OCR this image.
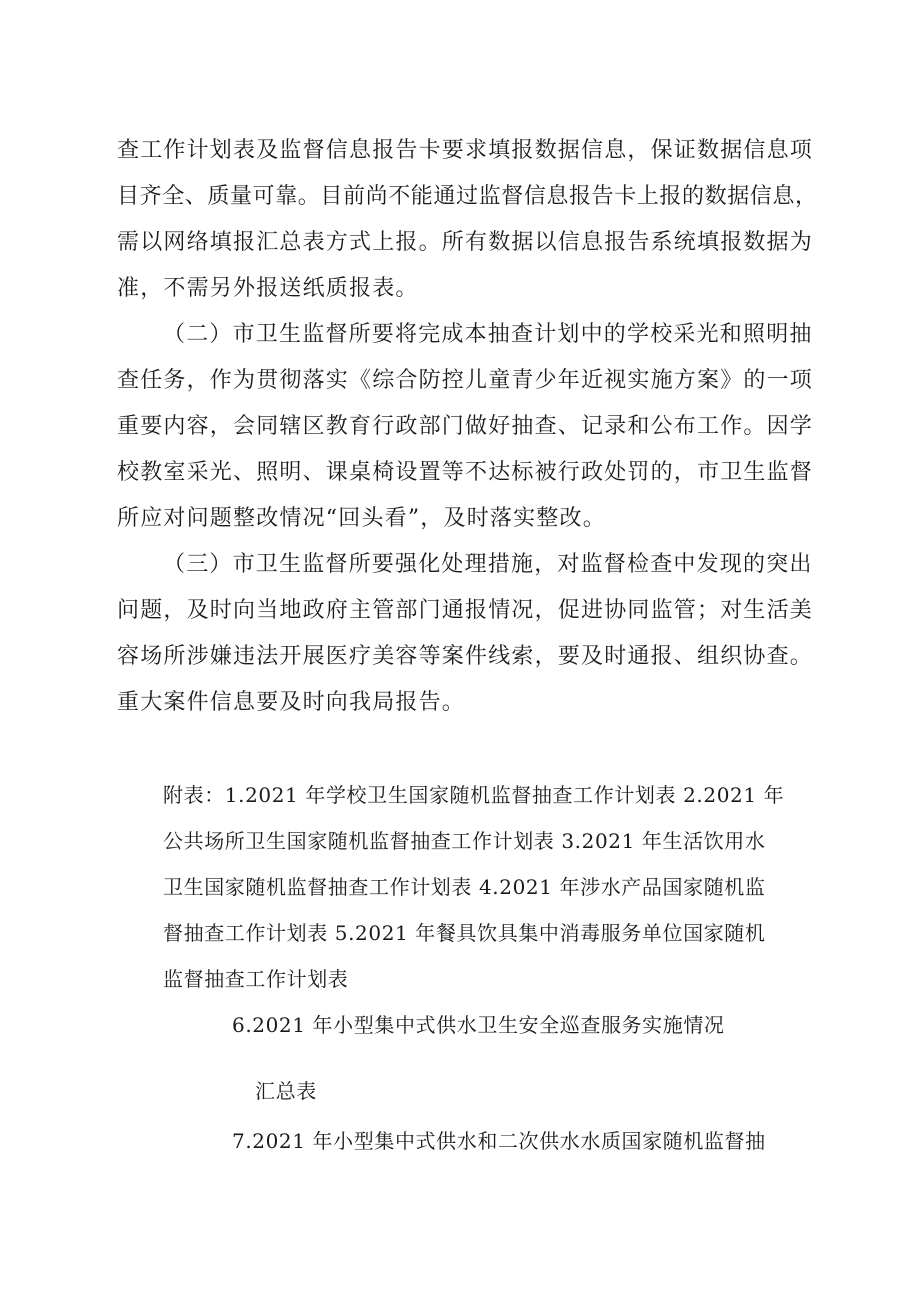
查工作计划表及监督信息报告卡要求填报数据信息，保证数据信息项

目齐全、质量可靠。目前尚不能通过监督信息报告卡上报的数据信息，

需以网络填报汇总表方式上报。所有数据以信息报告系统填报数据为

准，不需另外报送纸质报表。

（二）市卫生监督所要将完成本抽查计划中的学校采光和照明抽

查任务，作为贯彻落实《综合防控儿童青少年近视实施方案》的一项

重要内容，会同辖区教育行政部门做好抽查、记录和公布工作。因学

校教室采光、照明、课桌椅设置等不达标被行政处罚的，市卫生监督

所应对问题整改情况“回头看”，及时落实整改。

（三）市卫生监督所要强化处理措施，对监督检查中发现的突出

问题，及时向当地政府主管部门通报情况，促进协同监管；对生活美

容场所涉嫌违法开展医疗美容等案件线索，要及时通报、组织协查。

重大案件信息要及时向我局报告。

附表：1.2021 年学校卫生国家随机监督抽查工作计划表 2.2021 年

公共场所卫生国家随机监督抽查工作计划表 3.2021 年生活饮用水

卫生国家随机监督抽查工作计划表 4.2021 年涉水产品国家随机监

督抽查工作计划表 5.2021 年餐具饮具集中消毒服务单位国家随机

监督抽查工作计划表

6.2021 年小型集中式供水卫生安全巡查服务实施情况

汇总表

7.2021 年小型集中式供水和二次供水水质国家随机监督抽
